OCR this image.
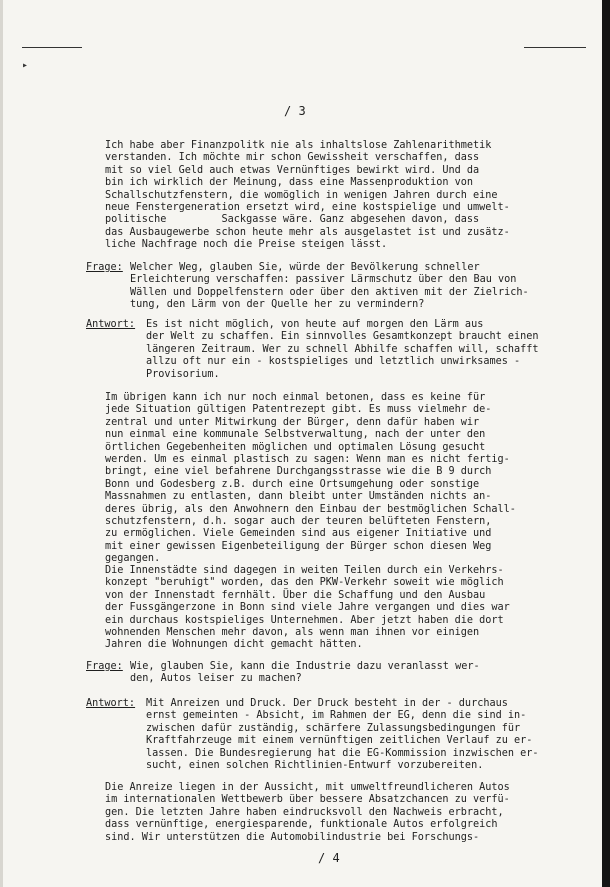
▸
/ 3
Ich habe aber Finanzpolitk nie als inhaltslose Zahlenarithmetik
verstanden. Ich möchte mir schon Gewissheit verschaffen, dass
mit so viel Geld auch etwas Vernünftiges bewirkt wird. Und da
bin ich wirklich der Meinung, dass eine Massenproduktion von
Schallschutzfenstern, die womöglich in wenigen Jahren durch eine
neue Fenstergeneration ersetzt wird, eine kostspielige und umwelt-
politische         Sackgasse wäre. Ganz abgesehen davon, dass
das Ausbaugewerbe schon heute mehr als ausgelastet ist und zusätz-
liche Nachfrage noch die Preise steigen lässt.
Frage: Welcher Weg, glauben Sie, würde der Bevölkerung schneller
Erleichterung verschaffen: passiver Lärmschutz über den Bau von
Wällen und Doppelfenstern oder über den aktiven mit der Zielrich-
tung, den Lärm von der Quelle her zu vermindern?
Antwort: Es ist nicht möglich, von heute auf morgen den Lärm aus
der Welt zu schaffen. Ein sinnvolles Gesamtkonzept braucht einen
längeren Zeitraum. Wer zu schnell Abhilfe schaffen will, schafft
allzu oft nur ein - kostspieliges und letztlich unwirksames -
Provisorium.
Im übrigen kann ich nur noch einmal betonen, dass es keine für
jede Situation gültigen Patentrezept gibt. Es muss vielmehr de-
zentral und unter Mitwirkung der Bürger, denn dafür haben wir
nun einmal eine kommunale Selbstverwaltung, nach der unter den
örtlichen Gegebenheiten möglichen und optimalen Lösung gesucht
werden. Um es einmal plastisch zu sagen: Wenn man es nicht fertig-
bringt, eine viel befahrene Durchgangsstrasse wie die B 9 durch
Bonn und Godesberg z.B. durch eine Ortsumgehung oder sonstige
Massnahmen zu entlasten, dann bleibt unter Umständen nichts an-
deres übrig, als den Anwohnern den Einbau der bestmöglichen Schall-
schutzfenstern, d.h. sogar auch der teuren belüfteten Fenstern,
zu ermöglichen. Viele Gemeinden sind aus eigener Initiative und
mit einer gewissen Eigenbeteiligung der Bürger schon diesen Weg
gegangen.
Die Innenstädte sind dagegen in weiten Teilen durch ein Verkehrs-
konzept "beruhigt" worden, das den PKW-Verkehr soweit wie möglich
von der Innenstadt fernhält. Über die Schaffung und den Ausbau
der Fussgängerzone in Bonn sind viele Jahre vergangen und dies war
ein durchaus kostspieliges Unternehmen. Aber jetzt haben die dort
wohnenden Menschen mehr davon, als wenn man ihnen vor einigen
Jahren die Wohnungen dicht gemacht hätten.
Frage: Wie, glauben Sie, kann die Industrie dazu veranlasst wer-
den, Autos leiser zu machen?
Antwort: Mit Anreizen und Druck. Der Druck besteht in der - durchaus
ernst gemeinten - Absicht, im Rahmen der EG, denn die sind in-
zwischen dafür zuständig, schärfere Zulassungsbedingungen für
Kraftfahrzeuge mit einem vernünftigen zeitlichen Verlauf zu er-
lassen. Die Bundesregierung hat die EG-Kommission inzwischen er-
sucht, einen solchen Richtlinien-Entwurf vorzubereiten.
Die Anreize liegen in der Aussicht, mit umweltfreundlicheren Autos
im internationalen Wettbewerb über bessere Absatzchancen zu verfü-
gen. Die letzten Jahre haben eindrucksvoll den Nachweis erbracht,
dass vernünftige, energiesparende, funktionale Autos erfolgreich
sind. Wir unterstützen die Automobilindustrie bei Forschungs-
/ 4
